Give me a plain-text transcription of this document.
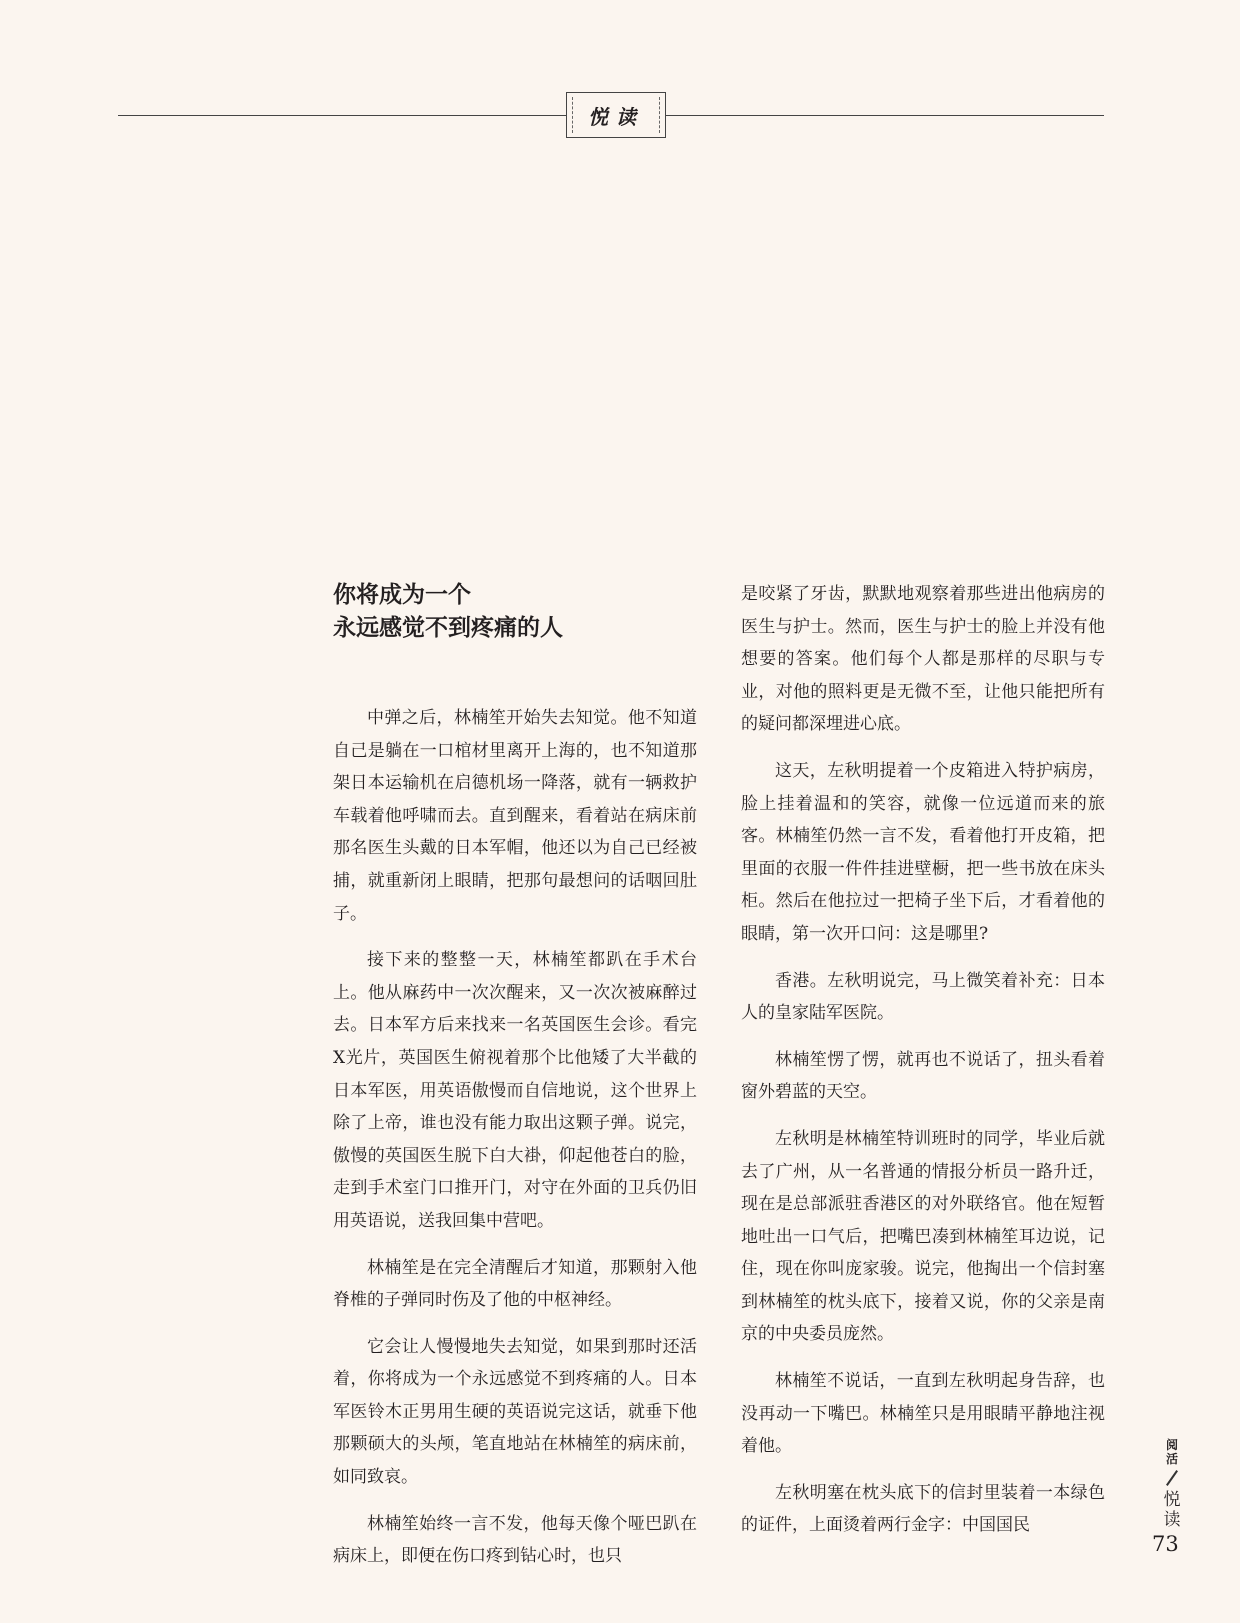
悦读
你将成为一个
永远感觉不到疼痛的人

中弹之后，林楠笙开始失去知觉。他不知道自己是躺在一口棺材里离开上海的，也不知道那架日本运输机在启德机场一降落，就有一辆救护车载着他呼啸而去。直到醒来，看着站在病床前那名医生头戴的日本军帽，他还以为自己已经被捕，就重新闭上眼睛，把那句最想问的话咽回肚子。

接下来的整整一天，林楠笙都趴在手术台上。他从麻药中一次次醒来，又一次次被麻醉过去。日本军方后来找来一名英国医生会诊。看完X光片，英国医生俯视着那个比他矮了大半截的日本军医，用英语傲慢而自信地说，这个世界上除了上帝，谁也没有能力取出这颗子弹。说完，傲慢的英国医生脱下白大褂，仰起他苍白的脸，走到手术室门口推开门，对守在外面的卫兵仍旧用英语说，送我回集中营吧。

林楠笙是在完全清醒后才知道，那颗射入他脊椎的子弹同时伤及了他的中枢神经。

它会让人慢慢地失去知觉，如果到那时还活着，你将成为一个永远感觉不到疼痛的人。日本军医铃木正男用生硬的英语说完这话，就垂下他那颗硕大的头颅，笔直地站在林楠笙的病床前，如同致哀。

林楠笙始终一言不发，他每天像个哑巴趴在病床上，即便在伤口疼到钻心时，也只

是咬紧了牙齿，默默地观察着那些进出他病房的医生与护士。然而，医生与护士的脸上并没有他想要的答案。他们每个人都是那样的尽职与专业，对他的照料更是无微不至，让他只能把所有的疑问都深埋进心底。

这天，左秋明提着一个皮箱进入特护病房，脸上挂着温和的笑容，就像一位远道而来的旅客。林楠笙仍然一言不发，看着他打开皮箱，把里面的衣服一件件挂进壁橱，把一些书放在床头柜。然后在他拉过一把椅子坐下后，才看着他的眼睛，第一次开口问：这是哪里?

香港。左秋明说完，马上微笑着补充：日本人的皇家陆军医院。

林楠笙愣了愣，就再也不说话了，扭头看着窗外碧蓝的天空。

左秋明是林楠笙特训班时的同学，毕业后就去了广州，从一名普通的情报分析员一路升迁，现在是总部派驻香港区的对外联络官。他在短暂地吐出一口气后，把嘴巴凑到林楠笙耳边说，记住，现在你叫庞家骏。说完，他掏出一个信封塞到林楠笙的枕头底下，接着又说，你的父亲是南京的中央委员庞然。

林楠笙不说话，一直到左秋明起身告辞，也没再动一下嘴巴。林楠笙只是用眼睛平静地注视着他。

左秋明塞在枕头底下的信封里装着一本绿色的证件，上面烫着两行金字：中国国民

阅
活
悦
读
73
